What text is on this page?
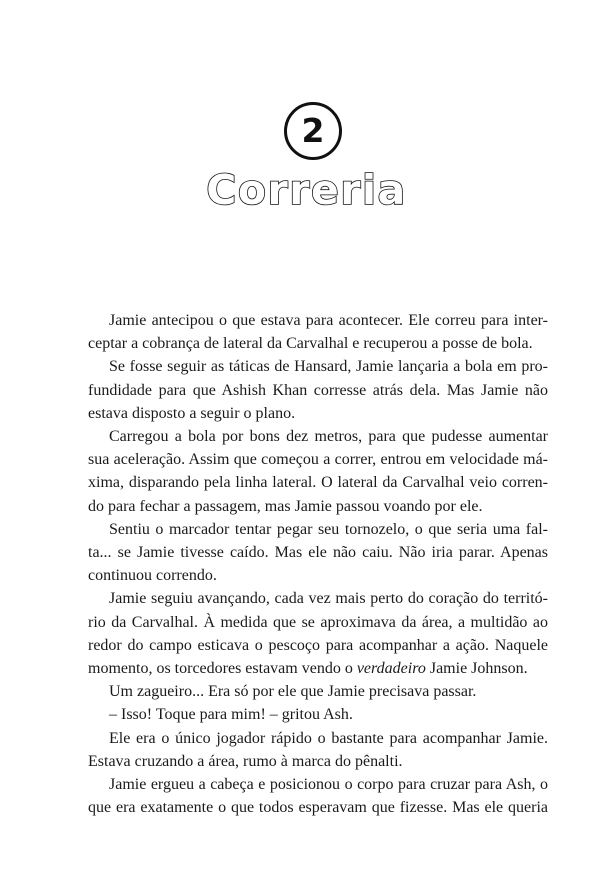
2
Correria

Jamie antecipou o que estava para acontecer. Ele correu para inter-
ceptar a cobrança de lateral da Carvalhal e recuperou a posse de bola.

Se fosse seguir as táticas de Hansard, Jamie lançaria a bola em pro-
fundidade para que Ashish Khan corresse atrás dela. Mas Jamie não
estava disposto a seguir o plano.

Carregou a bola por bons dez metros, para que pudesse aumentar
sua aceleração. Assim que começou a correr, entrou em velocidade má-
xima, disparando pela linha lateral. O lateral da Carvalhal veio corren-
do para fechar a passagem, mas Jamie passou voando por ele.

Sentiu o marcador tentar pegar seu tornozelo, o que seria uma fal-
ta... se Jamie tivesse caído. Mas ele não caiu. Não iria parar. Apenas
continuou correndo.

Jamie seguiu avançando, cada vez mais perto do coração do territó-
rio da Carvalhal. À medida que se aproximava da área, a multidão ao
redor do campo esticava o pescoço para acompanhar a ação. Naquele
momento, os torcedores estavam vendo o verdadeiro Jamie Johnson.

Um zagueiro... Era só por ele que Jamie precisava passar.

– Isso! Toque para mim! – gritou Ash.

Ele era o único jogador rápido o bastante para acompanhar Jamie.
Estava cruzando a área, rumo à marca do pênalti.

Jamie ergueu a cabeça e posicionou o corpo para cruzar para Ash, o
que era exatamente o que todos esperavam que fizesse. Mas ele queria
